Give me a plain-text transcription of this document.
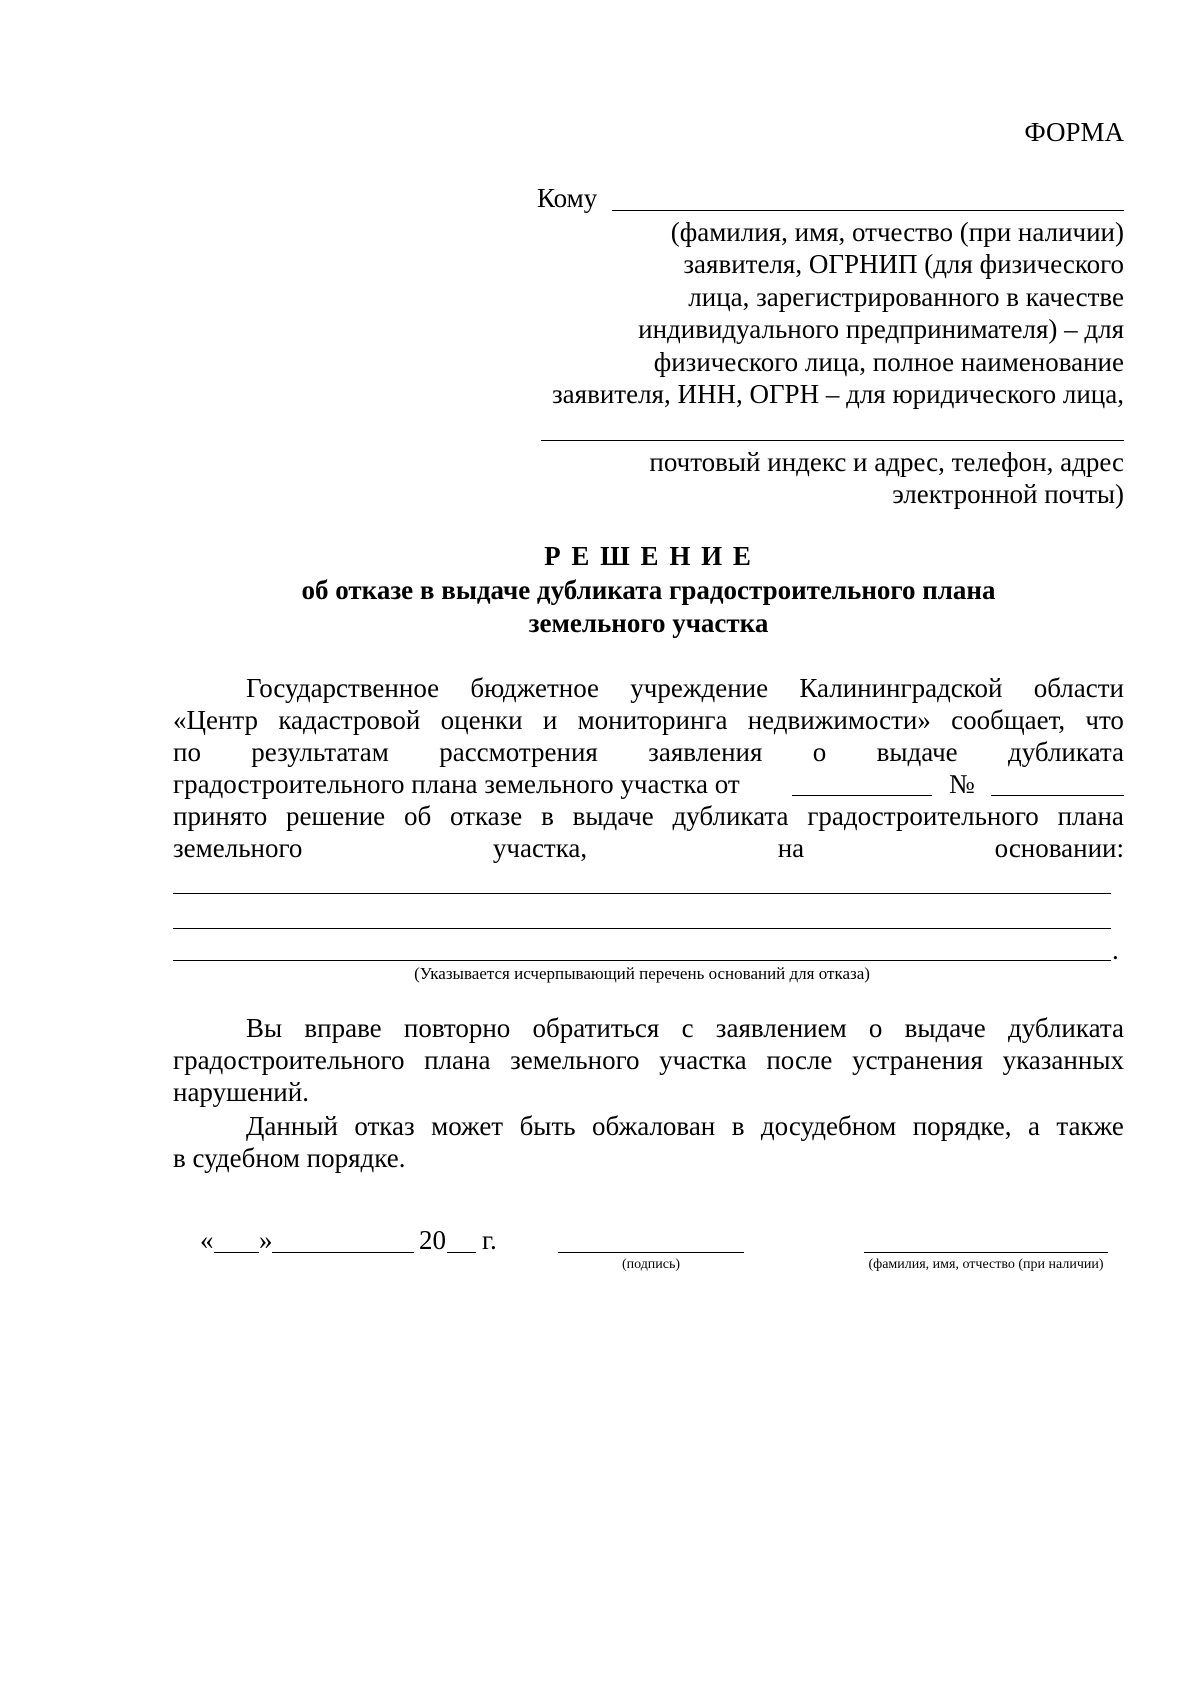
ФОРМА
Кому
(фамилия, имя, отчество (при наличии)
заявителя, ОГРНИП (для физического
лица, зарегистрированного в качестве
индивидуального предпринимателя) – для
физического лица, полное наименование
заявителя, ИНН, ОГРН – для юридического лица,
почтовый индекс и адрес, телефон, адрес
электронной почты)
Р Е Ш Е Н И Е
об отказе в выдаче дубликата градостроительного плана
земельного участка
Государственное бюджетное учреждение Калининградской области
«Центр кадастровой оценки и мониторинга недвижимости» сообщает, что
по результатам рассмотрения заявления о выдаче дубликата
градостроительного плана земельного участка от	№
принято решение об отказе в выдаче дубликата градостроительного плана
земельного	участка,	на	основании:
.
(Указывается исчерпывающий перечень оснований для отказа)
Вы вправе повторно обратиться с заявлением о выдаче дубликата
градостроительного плана земельного участка после устранения указанных
нарушений.
Данный отказ может быть обжалован в досудебном порядке, а также
в судебном порядке.
« »	20 г.
(подпись)	(фамилия, имя, отчество (при наличии)
